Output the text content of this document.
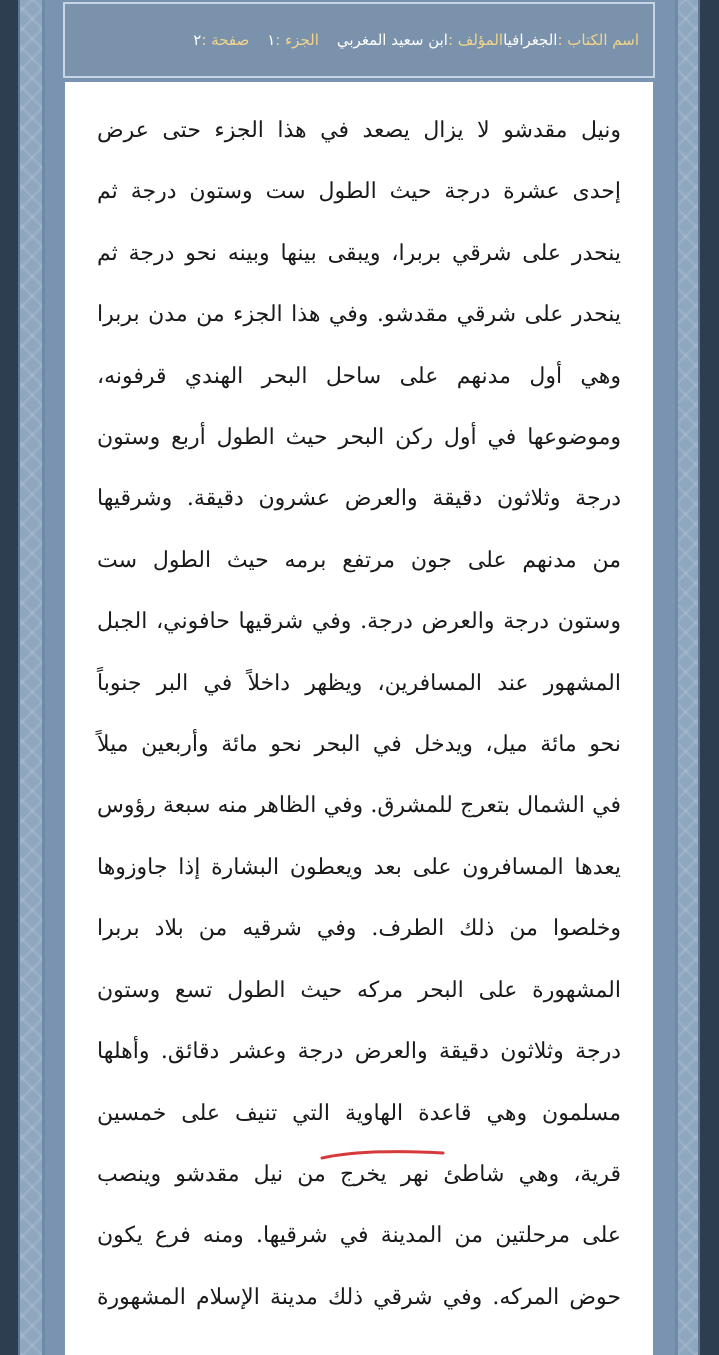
اسم الكتاب :
الجغرافيا
المؤلف :
ابن سعيد المغربي
الجزء :
١
صفحة :
٢

ونيل مقدشو لا يزال يصعد في هذا الجزء حتى عرض

إحدى عشرة درجة حيث الطول ست وستون درجة ثم

ينحدر على شرقي بربرا، ويبقى بينها وبينه نحو درجة ثم

ينحدر على شرقي مقدشو. وفي هذا الجزء من مدن بربرا

وهي أول مدنهم على ساحل البحر الهندي قرفونه،

وموضوعها في أول ركن البحر حيث الطول أربع وستون

درجة وثلاثون دقيقة والعرض عشرون دقيقة. وشرقيها

من مدنهم على جون مرتفع برمه حيث الطول ست

وستون درجة والعرض درجة. وفي شرقيها حافوني، الجبل

المشهور عند المسافرين، ويظهر داخلاً في البر جنوباً

نحو مائة ميل، ويدخل في البحر نحو مائة وأربعين ميلاً

في الشمال بتعرج للمشرق. وفي الظاهر منه سبعة رؤوس

يعدها المسافرون على بعد ويعطون البشارة إذا جاوزوها

وخلصوا من ذلك الطرف. وفي شرقيه من بلاد بربرا

المشهورة على البحر مركه حيث الطول تسع وستون

درجة وثلاثون دقيقة والعرض درجة وعشر دقائق. وأهلها

مسلمون وهي قاعدة الهاوية التي تنيف على خمسين

قرية، وهي شاطئ نهر يخرج من نيل مقدشو وينصب

على مرحلتين من المدينة في شرقيها. ومنه فرع يكون

حوض المركه. وفي شرقي ذلك مدينة الإسلام المشهورة
